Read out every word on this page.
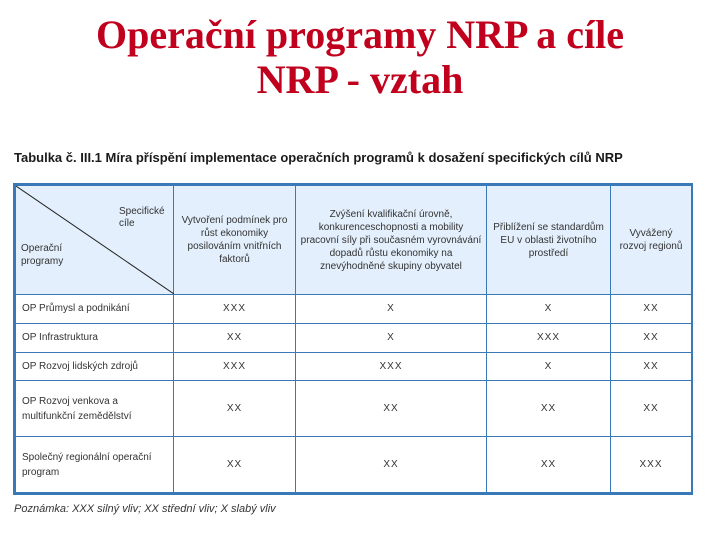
Operační programy NRP a cíle
NRP - vztah
Tabulka č. III.1 Míra příspění implementace operačních programů k dosažení specifických cílů NRP
Specifické cíle
Operační programy	Vytvoření podmínek pro růst ekonomiky posilováním vnitřních faktorů	Zvýšení kvalifikační úrovně, konkurenceschopnosti a mobility pracovní síly při současném vyrovnávání dopadů růstu ekonomiky na znevýhodněné skupiny obyvatel	Přiblížení se standardům EU v oblasti životního prostředí	Vyvážený rozvoj regionů
OP Průmysl a podnikání	XXX	X	X	XX
OP Infrastruktura	XX	X	XXX	XX
OP Rozvoj lidských zdrojů	XXX	XXX	X	XX
OP Rozvoj venkova a multifunkční zemědělství	XX	XX	XX	XX
Společný regionální operační program	XX	XX	XX	XXX
Poznámka: XXX silný vliv; XX střední vliv; X slabý vliv
